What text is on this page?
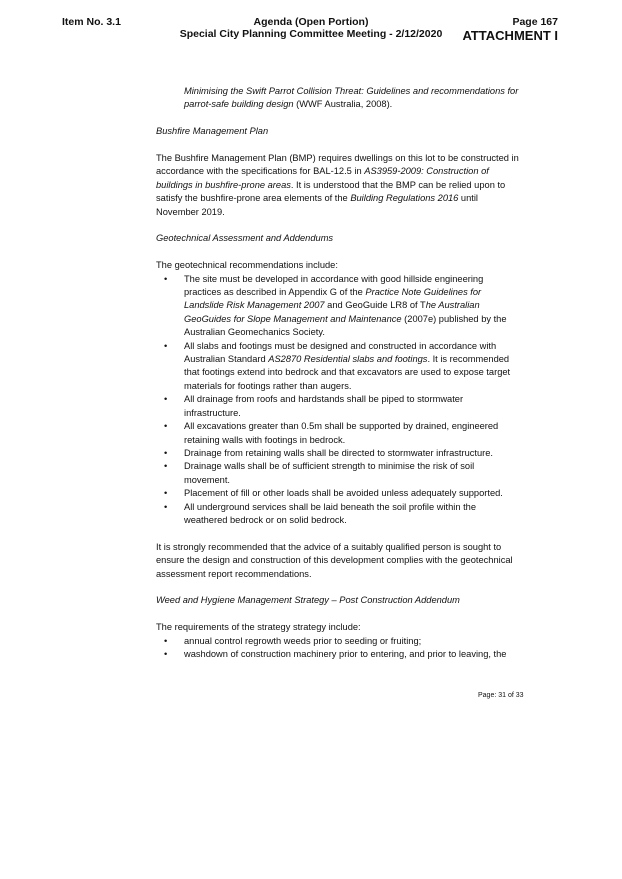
Item No. 3.1	Agenda (Open Portion)
Special City Planning Committee Meeting - 2/12/2020
Page 167
ATTACHMENT I

Minimising the Swift Parrot Collision Threat: Guidelines and recommendations for parrot-safe building design (WWF Australia, 2008).

Bushfire Management Plan

The Bushfire Management Plan (BMP) requires dwellings on this lot to be constructed in accordance with the specifications for BAL-12.5 in AS3959-2009: Construction of buildings in bushfire-prone areas. It is understood that the BMP can be relied upon to satisfy the bushfire-prone area elements of the Building Regulations 2016 until November 2019.

Geotechnical Assessment and Addendums

The geotechnical recommendations include:

• The site must be developed in accordance with good hillside engineering practices as described in Appendix G of the Practice Note Guidelines for Landslide Risk Management 2007 and GeoGuide LR8 of The Australian GeoGuides for Slope Management and Maintenance (2007e) published by the Australian Geomechanics Society.
• All slabs and footings must be designed and constructed in accordance with Australian Standard AS2870 Residential slabs and footings. It is recommended that footings extend into bedrock and that excavators are used to expose target materials for footings rather than augers.
• All drainage from roofs and hardstands shall be piped to stormwater infrastructure.
• All excavations greater than 0.5m shall be supported by drained, engineered retaining walls with footings in bedrock.
• Drainage from retaining walls shall be directed to stormwater infrastructure.
• Drainage walls shall be of sufficient strength to minimise the risk of soil movement.
• Placement of fill or other loads shall be avoided unless adequately supported.
• All underground services shall be laid beneath the soil profile within the weathered bedrock or on solid bedrock.

It is strongly recommended that the advice of a suitably qualified person is sought to ensure the design and construction of this development complies with the geotechnical assessment report recommendations.

Weed and Hygiene Management Strategy – Post Construction Addendum

The requirements of the strategy strategy include:

• annual control regrowth weeds prior to seeding or fruiting;
• washdown of construction machinery prior to entering, and prior to leaving, the
Page: 31 of 33
